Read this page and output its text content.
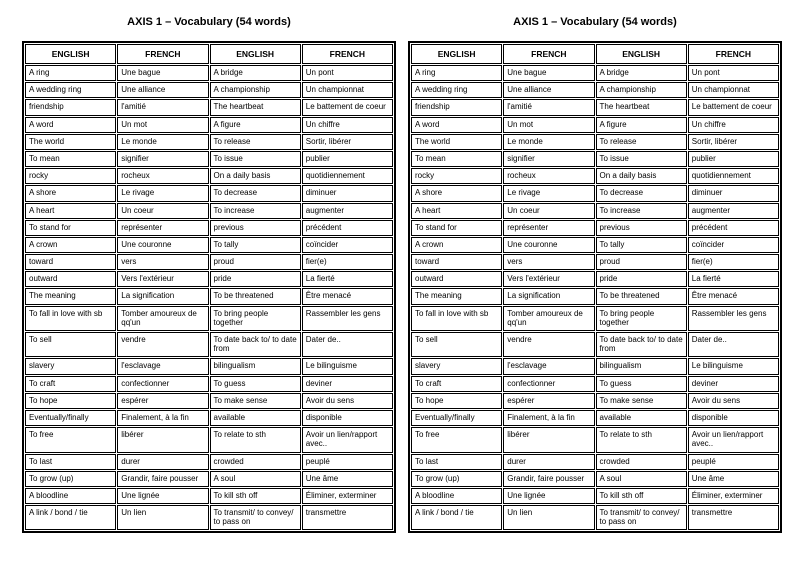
AXIS 1 – Vocabulary (54 words)
ENGLISH	FRENCH	ENGLISH	FRENCH
A ring	Une bague	A bridge	Un pont
A wedding ring	Une alliance	A championship	Un championnat
friendship	l'amitié	The heartbeat	Le battement de coeur
A word	Un mot	A figure	Un chiffre
The world	Le monde	To release	Sortir, libérer
To mean	signifier	To issue	publier
rocky	rocheux	On a daily basis	quotidiennement
A shore	Le rivage	To decrease	diminuer
A heart	Un coeur	To increase	augmenter
To stand for	représenter	previous	précédent
A crown	Une couronne	To tally	coïncider
toward	vers	proud	fier(e)
outward	Vers l'extérieur	pride	La fierté
The meaning	La signification	To be threatened	Être menacé
To fall in love with sb	Tomber amoureux de qq'un	To bring people together	Rassembler les gens
To sell	vendre	To date back to/ to date from	Dater de..
slavery	l'esclavage	bilingualism	Le bilinguisme
To craft	confectionner	To guess	deviner
To hope	espérer	To make sense	Avoir du sens
Eventually/finally	Finalement, à la fin	available	disponible
To free	libérer	To relate to sth	Avoir un lien/rapport avec..
To last	durer	crowded	peuplé
To grow (up)	Grandir, faire pousser	A soul	Une âme
A bloodline	Une lignée	To kill sth off	Éliminer, exterminer
A link / bond / tie	Un lien	To transmit/ to convey/ to pass on	transmettre
AXIS 1 – Vocabulary (54 words)
ENGLISH	FRENCH	ENGLISH	FRENCH
A ring	Une bague	A bridge	Un pont
A wedding ring	Une alliance	A championship	Un championnat
friendship	l'amitié	The heartbeat	Le battement de coeur
A word	Un mot	A figure	Un chiffre
The world	Le monde	To release	Sortir, libérer
To mean	signifier	To issue	publier
rocky	rocheux	On a daily basis	quotidiennement
A shore	Le rivage	To decrease	diminuer
A heart	Un coeur	To increase	augmenter
To stand for	représenter	previous	précédent
A crown	Une couronne	To tally	coïncider
toward	vers	proud	fier(e)
outward	Vers l'extérieur	pride	La fierté
The meaning	La signification	To be threatened	Être menacé
To fall in love with sb	Tomber amoureux de qq'un	To bring people together	Rassembler les gens
To sell	vendre	To date back to/ to date from	Dater de..
slavery	l'esclavage	bilingualism	Le bilinguisme
To craft	confectionner	To guess	deviner
To hope	espérer	To make sense	Avoir du sens
Eventually/finally	Finalement, à la fin	available	disponible
To free	libérer	To relate to sth	Avoir un lien/rapport avec..
To last	durer	crowded	peuplé
To grow (up)	Grandir, faire pousser	A soul	Une âme
A bloodline	Une lignée	To kill sth off	Éliminer, exterminer
A link / bond / tie	Un lien	To transmit/ to convey/ to pass on	transmettre
